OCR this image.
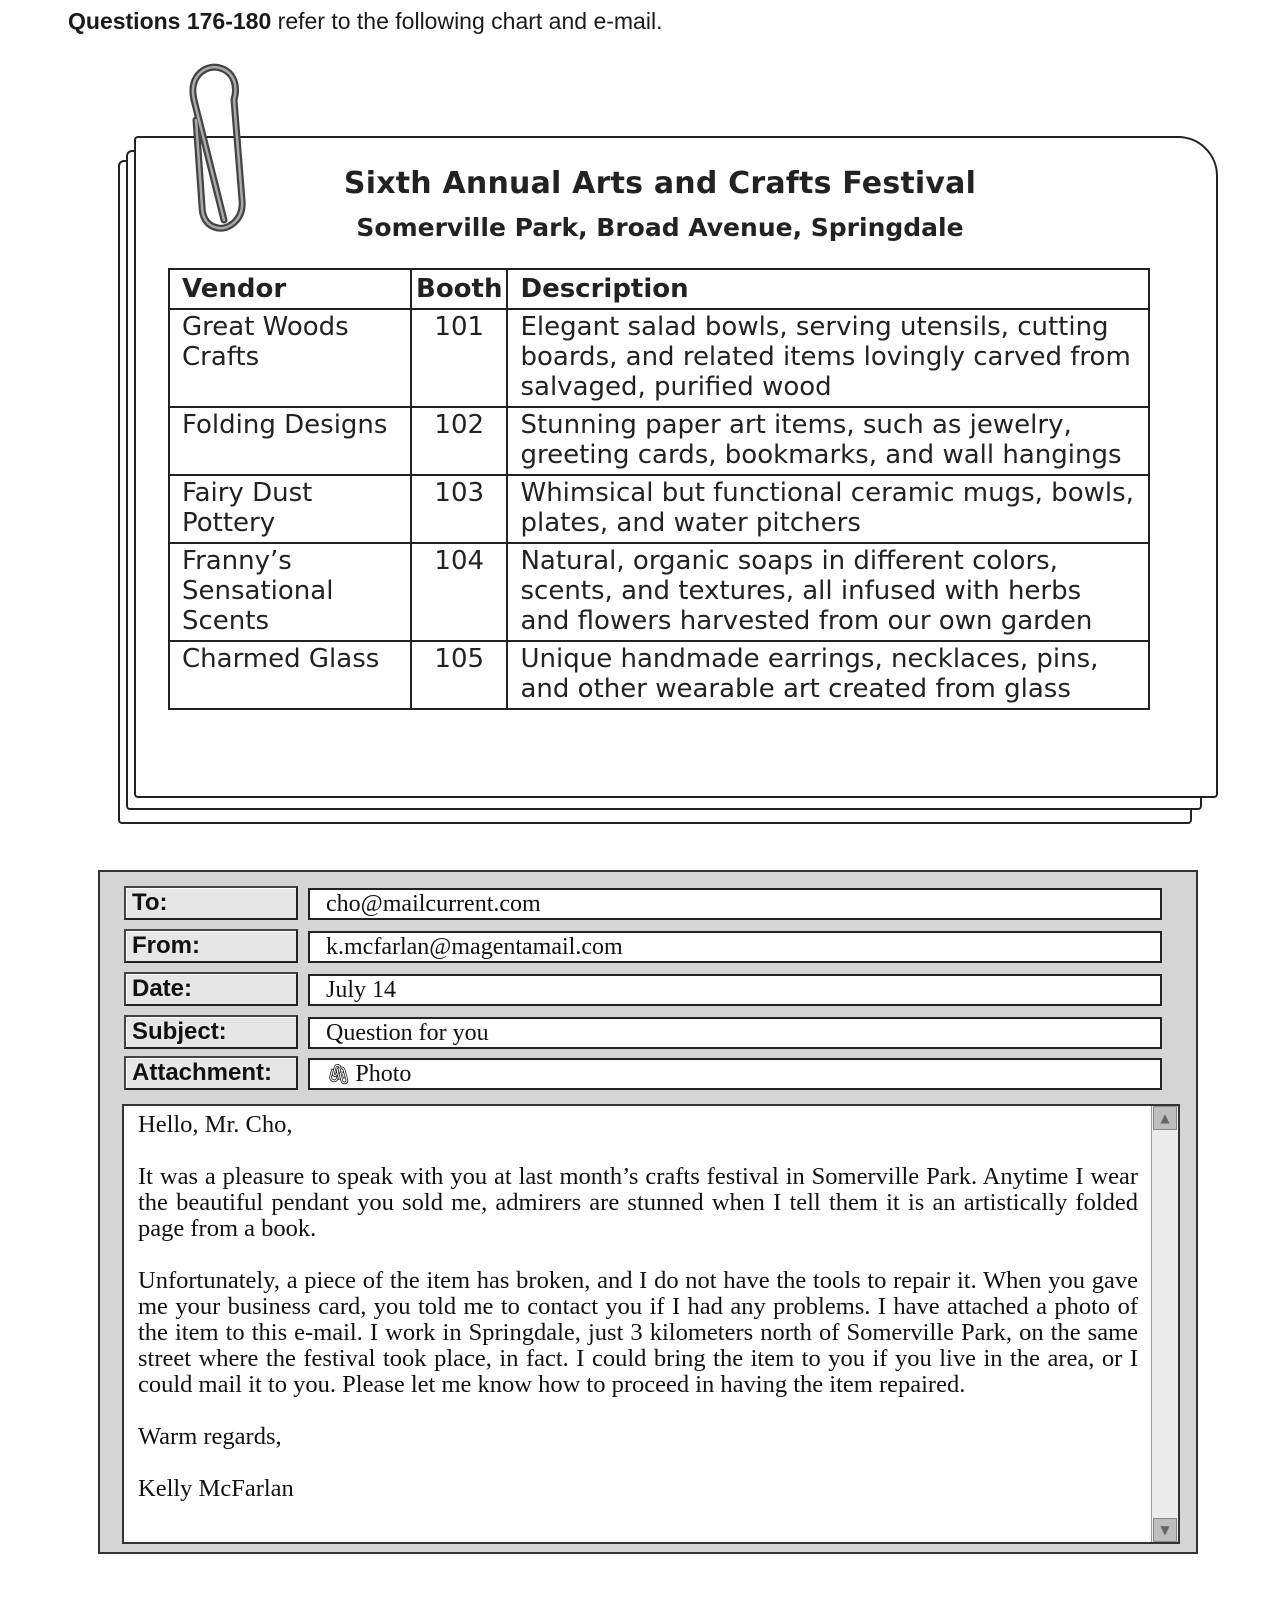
Questions 176-180 refer to the following chart and e-mail.
Sixth Annual Arts and Crafts Festival
Somerville Park, Broad Avenue, Springdale
Vendor	Booth	Description
Great Woods Crafts	101	Elegant salad bowls, serving utensils, cutting boards, and related items lovingly carved from salvaged, purified wood
Folding Designs	102	Stunning paper art items, such as jewelry, greeting cards, bookmarks, and wall hangings
Fairy Dust Pottery	103	Whimsical but functional ceramic mugs, bowls, plates, and water pitchers
Franny’s Sensational Scents	104	Natural, organic soaps in different colors, scents, and textures, all infused with herbs and flowers harvested from our own garden
Charmed Glass	105	Unique handmade earrings, necklaces, pins, and other wearable art created from glass
To:	cho@mailcurrent.com
From:	k.mcfarlan@magentamail.com
Date:	July 14
Subject:	Question for you
Attachment:	🖇 Photo

Hello, Mr. Cho,

It was a pleasure to speak with you at last month’s crafts festival in Somerville Park. Anytime I wear the beautiful pendant you sold me, admirers are stunned when I tell them it is an artistically folded page from a book.

Unfortunately, a piece of the item has broken, and I do not have the tools to repair it. When you gave me your business card, you told me to contact you if I had any problems. I have attached a photo of the item to this e-mail. I work in Springdale, just 3 kilometers north of Somerville Park, on the same street where the festival took place, in fact. I could bring the item to you if you live in the area, or I could mail it to you. Please let me know how to proceed in having the item repaired.

Warm regards,

Kelly McFarlan

▲
▼
